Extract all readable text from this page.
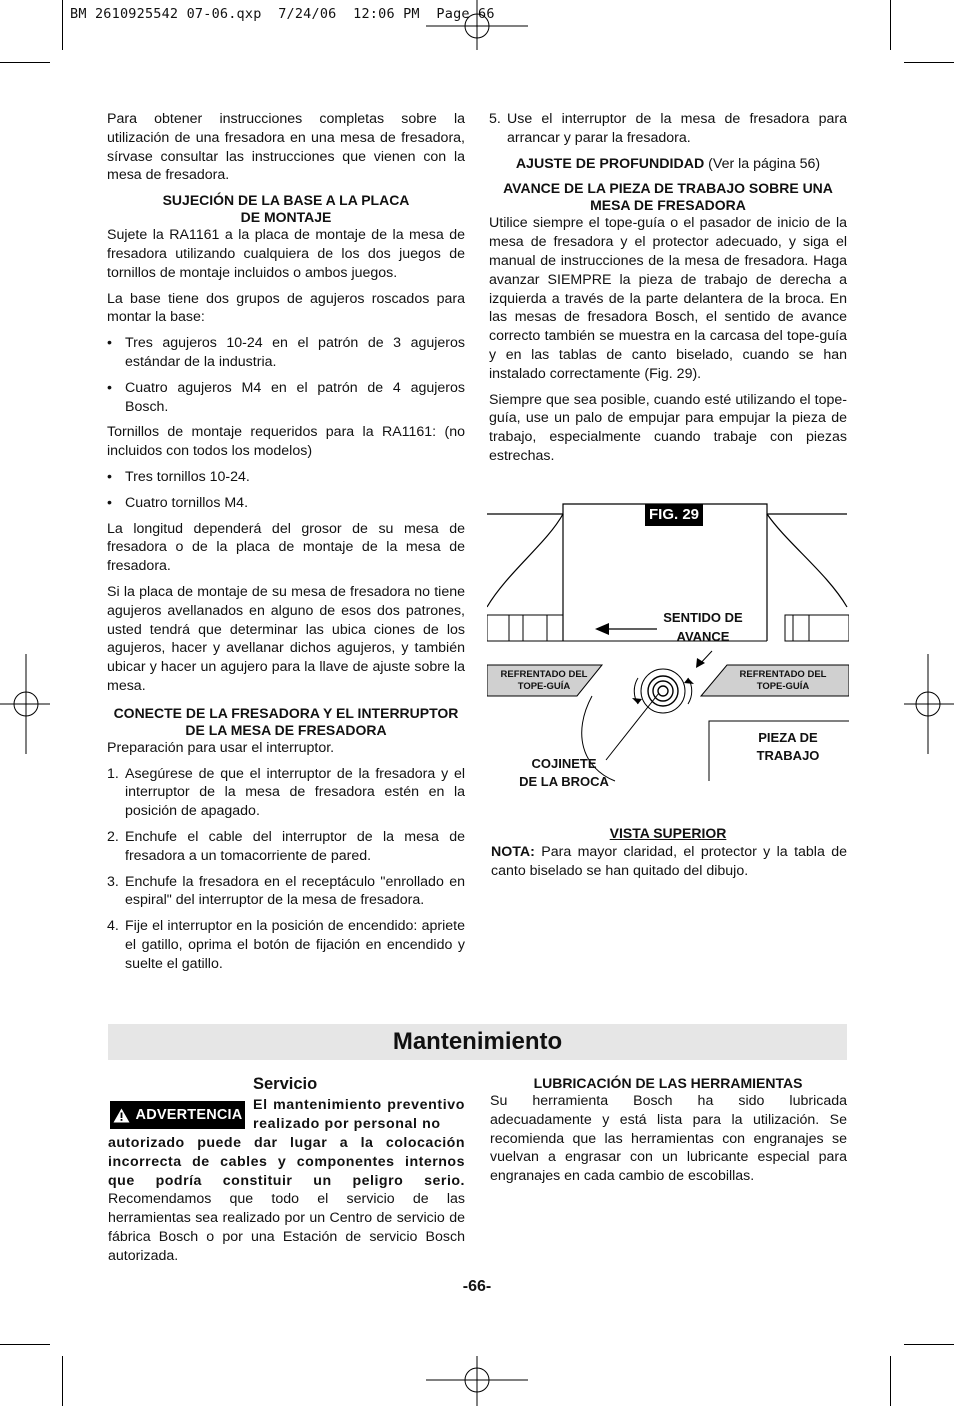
BM 2610925542 07-06.qxp  7/24/06  12:06 PM  Page 66

Para obtener instrucciones completas sobre la utilización de una fresadora en una mesa de fresadora, sírvase consultar las instrucciones que vienen con la mesa de fresadora.

SUJECIÓN DE LA BASE A LA PLACA
DE MONTAJE

Sujete la RA1161 a la placa de montaje de la mesa de fresadora utilizando cualquiera de los dos juegos de tornillos de montaje incluidos o ambos juegos.

La base tiene dos grupos de agujeros roscados para montar la base:

• Tres agujeros 10-24 en el patrón de 3 agujeros estándar de la industria.
• Cuatro agujeros M4 en el patrón de 4 agujeros Bosch.

Tornillos de montaje requeridos para la RA1161: (no incluidos con todos los modelos)

• Tres tornillos 10-24.
• Cuatro tornillos M4.

La longitud dependerá del grosor de su mesa de fresadora o de la placa de montaje de la mesa de fresadora.

Si la placa de montaje de su mesa de fresadora no tiene agujeros avellanados en alguno de esos dos patrones, usted tendrá que determinar las ubica ciones de los agujeros, hacer y avellanar dichos agujeros, y también ubicar y hacer un agujero para la llave de ajuste sobre la mesa.

CONECTE DE LA FRESADORA Y EL INTERRUPTOR
DE LA MESA DE FRESADORA

Preparación para usar el interruptor.

1. Asegúrese de que el interruptor de la fresadora y el interruptor de la mesa de fresadora estén en la posición de apagado.
2. Enchufe el cable del interruptor de la mesa de fresadora a un tomacorriente de pared.
3. Enchufe la fresadora en el receptáculo "enrollado en espiral" del interruptor de la mesa de fresadora.
4. Fije el interruptor en la posición de encendido: apriete el gatillo, oprima el botón de fijación en encendido y suelte el gatillo.
5. Use el interruptor de la mesa de fresadora para arrancar y parar la fresadora.
AJUSTE DE PROFUNDIDAD (Ver la página 56)
AVANCE DE LA PIEZA DE TRABAJO SOBRE UNA
MESA DE FRESADORA

Utilice siempre el tope-guía o el pasador de inicio de la mesa de fresadora y el protector adecuado, y siga el manual de instrucciones de la mesa de fresadora. Haga avanzar SIEMPRE la pieza de trabajo de derecha a izquierda a través de la parte delantera de la broca. En las mesas de fresadora Bosch, el sentido de avance correcto también se muestra en la carcasa del tope-guía y en las tablas de canto biselado, cuando se han instalado correctamente (Fig. 29).

Siempre que sea posible, cuando esté utilizando el tope-guía, use un palo de empujar para empujar la pieza de trabajo, especialmente cuando trabaje con piezas estrechas.

FIG. 29
SENTIDO DE
AVANCE
REFRENTADO DEL
TOPE-GUÍA
REFRENTADO DEL
TOPE-GUÍA
PIEZA DE
TRABAJO
COJINETE
DE LA BROCA
VISTA SUPERIOR
NOTA: Para mayor claridad, el protector y la tabla de canto biselado se han quitado del dibujo.
Mantenimiento
Servicio
ADVERTENCIA
El mantenimiento preventivo realizado por personal no
autorizado puede dar lugar a la colocación incorrecta de cables y componentes internos que podría constituir un peligro serio. Recomendamos que todo el servicio de las herramientas sea realizado por un Centro de servicio de fábrica Bosch o por una Estación de servicio Bosch autorizada.
LUBRICACIÓN DE LAS HERRAMIENTAS
Su herramienta Bosch ha sido lubricada adecuadamente y está lista para la utilización. Se recomienda que las herramientas con engranajes se vuelvan a engrasar con un lubricante especial para engranajes en cada cambio de escobillas.
-66-
